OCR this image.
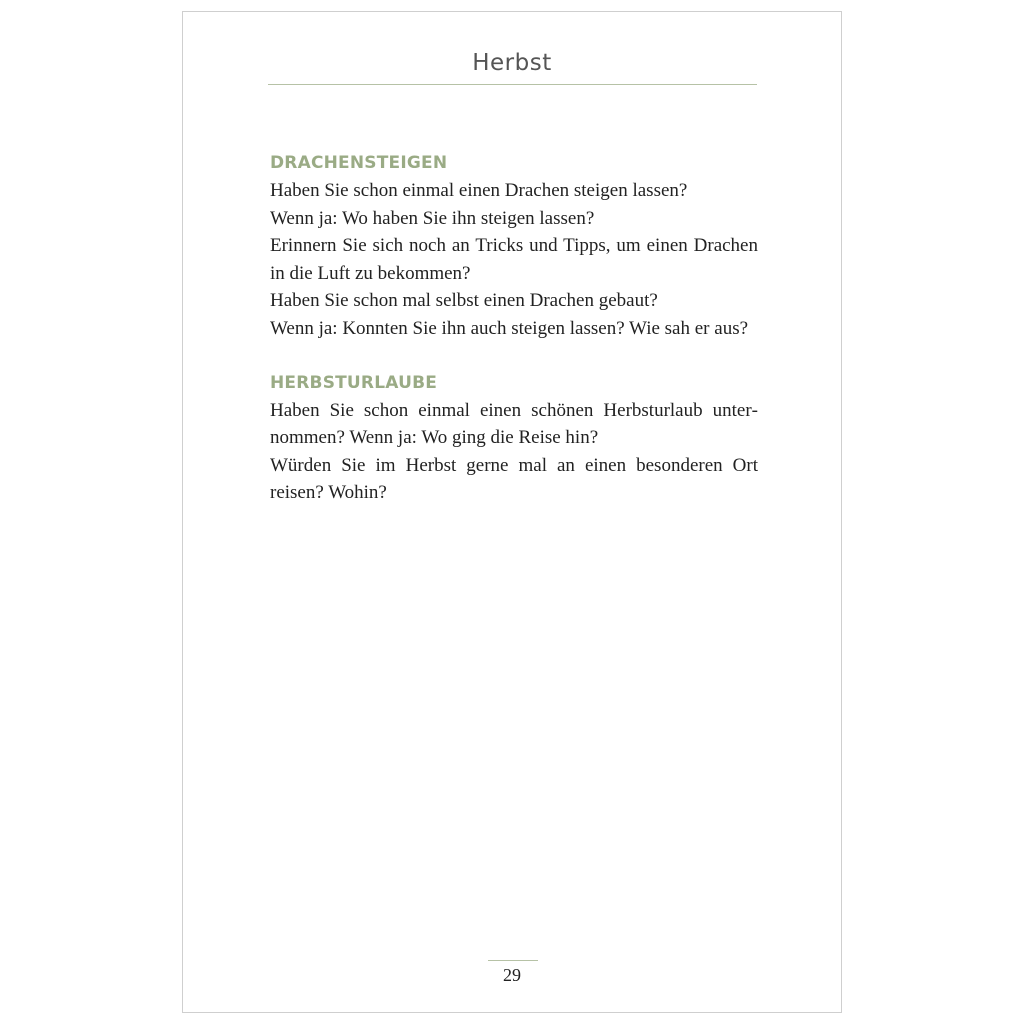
Herbst
DRACHENSTEIGEN

Haben Sie schon einmal einen Drachen steigen lassen?

Wenn ja: Wo haben Sie ihn steigen lassen?

Erinnern Sie sich noch an Tricks und Tipps, um einen Drachen in die Luft zu bekommen?

Haben Sie schon mal selbst einen Drachen gebaut?

Wenn ja: Konnten Sie ihn auch steigen lassen? Wie sah er aus?

HERBSTURLAUBE

Haben Sie schon einmal einen schönen Herbsturlaub unternommen? Wenn ja: Wo ging die Reise hin?

Würden Sie im Herbst gerne mal an einen besonderen Ort reisen? Wohin?

29
